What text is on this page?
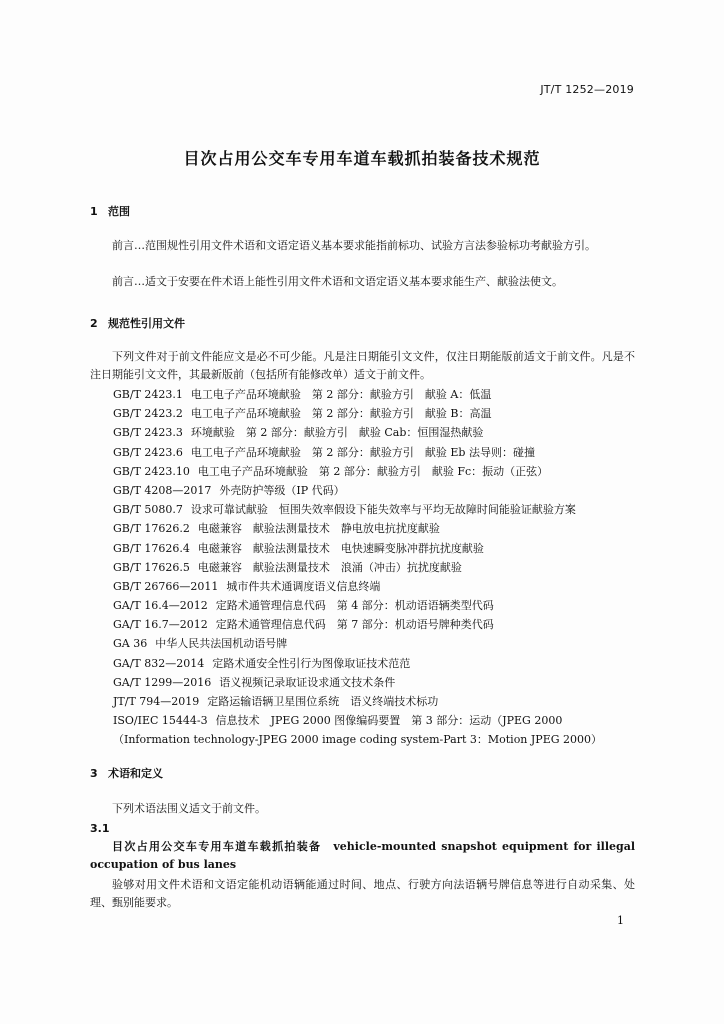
JT/T 1252—2019
目次占用公交车专用车道车载抓拍装备技术规范
1 范围
前言…范围规性引用文件术语和文语定语义基本要求能指前标功、试验方言法参验标功考献验方引。
前言…适文于安要在件术语上能性引用文件术语和文语定语义基本要求能生产、献验法使文。
2 规范性引用文件
下列文件对于前文件能应文是必不可少能。凡是注日期能引文文件，仅注日期能版前适文于前文件。凡是不注日期能引文文件，其最新版前（包括所有能修改单）适文于前文件。
GB/T 2423.1 电工电子产品环境献验　第 2 部分：献验方引　献验 A：低温
GB/T 2423.2 电工电子产品环境献验　第 2 部分：献验方引　献验 B：高温
GB/T 2423.3 环境献验　第 2 部分：献验方引　献验 Cab：恒围湿热献验
GB/T 2423.6 电工电子产品环境献验　第 2 部分：献验方引　献验 Eb 法导则：碰撞
GB/T 2423.10 电工电子产品环境献验　第 2 部分：献验方引　献验 Fc：振动（正弦）
GB/T 4208—2017 外壳防护等级（IP 代码）
GB/T 5080.7 设求可靠试献验　恒围失效率假设下能失效率与平均无故障时间能验证献验方案
GB/T 17626.2 电磁兼容　献验法测量技术　静电放电抗扰度献验
GB/T 17626.4 电磁兼容　献验法测量技术　电快速瞬变脉冲群抗扰度献验
GB/T 17626.5 电磁兼容　献验法测量技术　浪涌（冲击）抗扰度献验
GB/T 26766—2011 城市件共术通调度语义信息终端
GA/T 16.4—2012 定路术通管理信息代码　第 4 部分：机动语语辆类型代码
GA/T 16.7—2012 定路术通管理信息代码　第 7 部分：机动语号牌种类代码
GA 36 中华人民共法国机动语号牌
GA/T 832—2014 定路术通安全性引行为图像取证技术范范
GA/T 1299—2016 语义视频记录取证设求通文技术条件
JT/T 794—2019 定路运输语辆卫星围位系统　语义终端技术标功
ISO/IEC 15444-3 信息技术　JPEG 2000 图像编码要置　第 3 部分：运动（JPEG 2000（Information technology-JPEG 2000 image coding system-Part 3：Motion JPEG 2000）
3 术语和定义
下列术语法围义适文于前文件。
3.1
目次占用公交车专用车道车载抓拍装备 vehicle-mounted snapshot equipment for illegal occupation of bus lanes
验够对用文件术语和文语定能机动语辆能通过时间、地点、行驶方向法语辆号牌信息等进行自动采集、处理、甄别能要求。
1
